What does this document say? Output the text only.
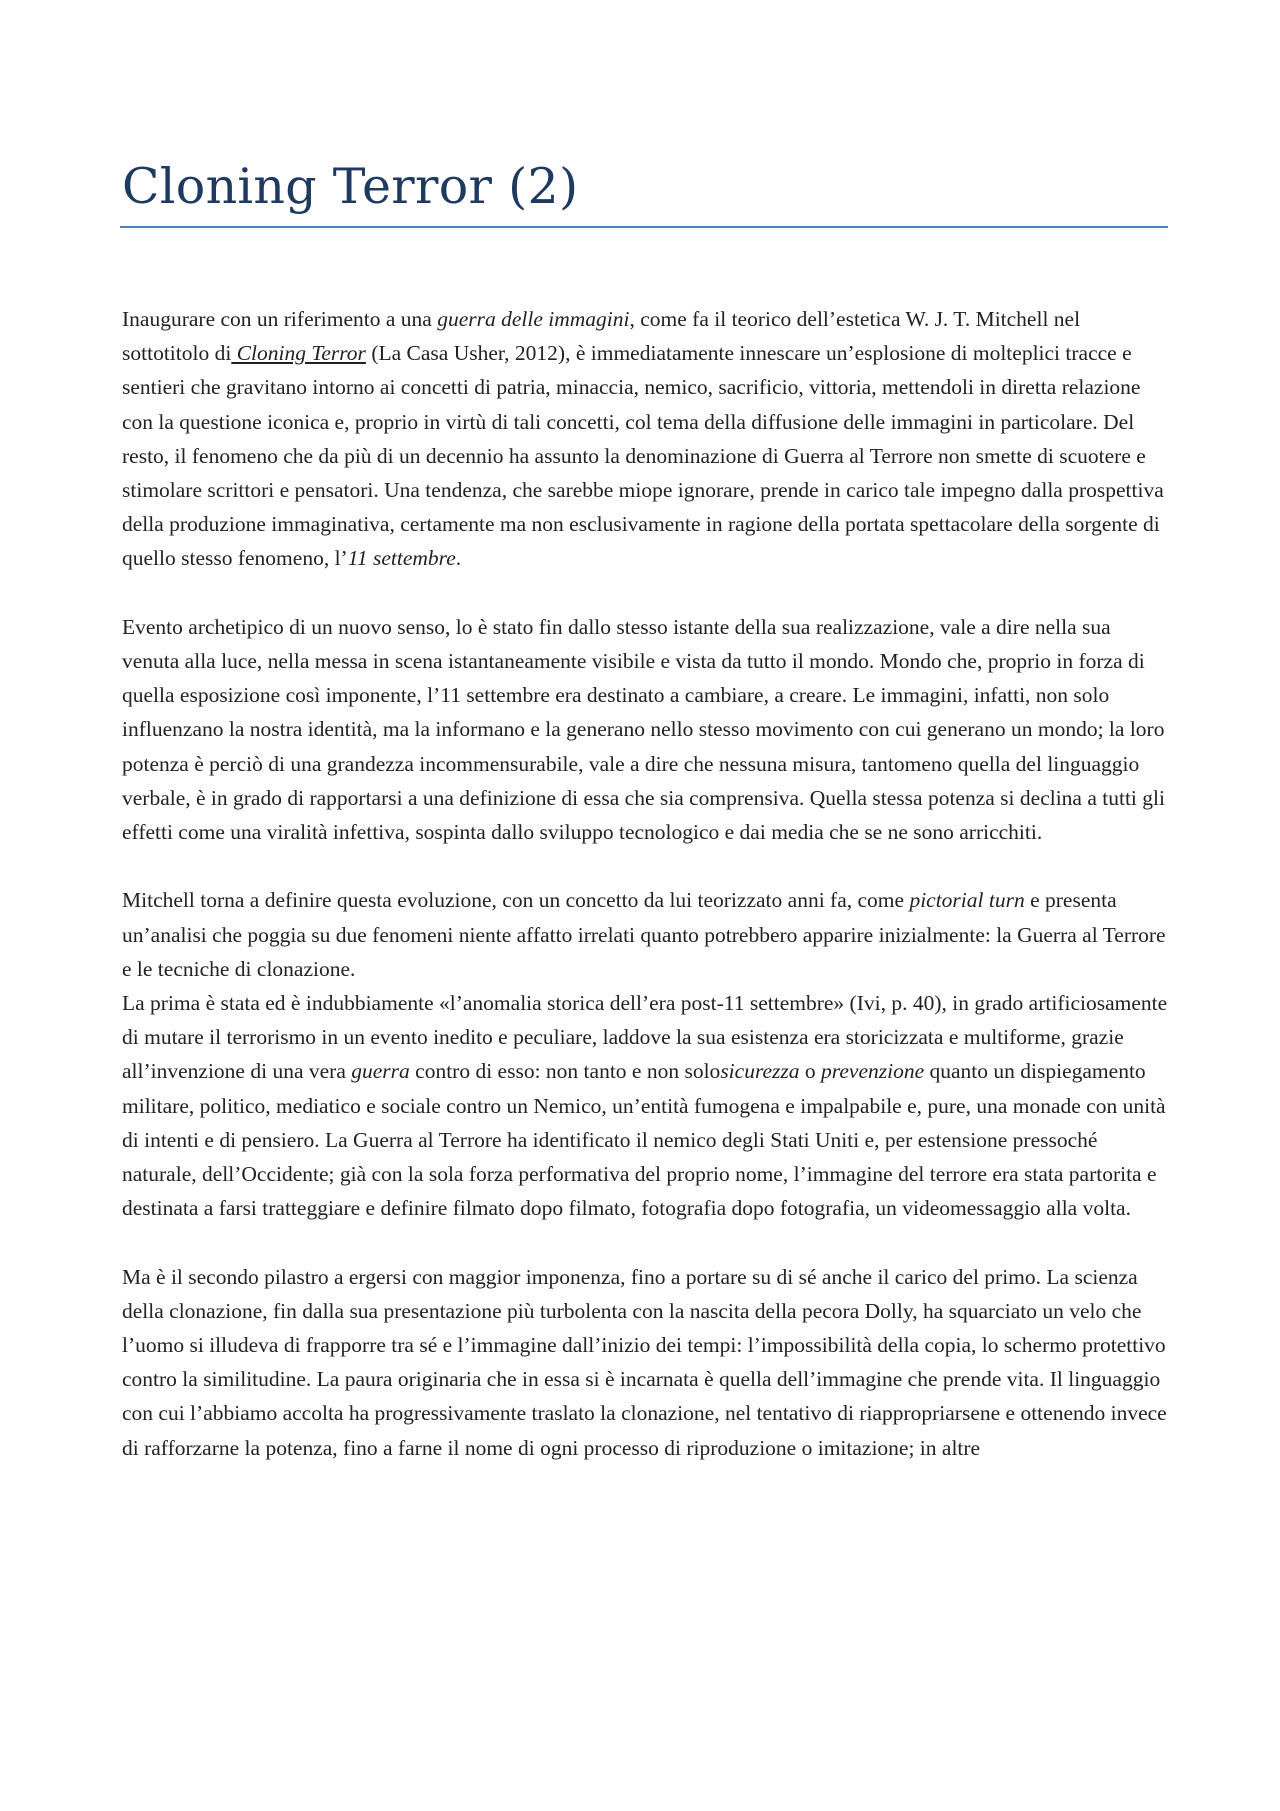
Cloning Terror (2)

Inaugurare con un riferimento a una guerra delle immagini, come fa il teorico dell’estetica W. J. T. Mitchell nel sottotitolo di Cloning Terror (La Casa Usher, 2012), è immediatamente innescare un’esplosione di molteplici tracce e sentieri che gravitano intorno ai concetti di patria, minaccia, nemico, sacrificio, vittoria, mettendoli in diretta relazione con la questione iconica e, proprio in virtù di tali concetti, col tema della diffusione delle immagini in particolare. Del resto, il fenomeno che da più di un decennio ha assunto la denominazione di Guerra al Terrore non smette di scuotere e stimolare scrittori e pensatori. Una tendenza, che sarebbe miope ignorare, prende in carico tale impegno dalla prospettiva della produzione immaginativa, certamente ma non esclusivamente in ragione della portata spettacolare della sorgente di quello stesso fenomeno, l’11 settembre.

Evento archetipico di un nuovo senso, lo è stato fin dallo stesso istante della sua realizzazione, vale a dire nella sua venuta alla luce, nella messa in scena istantaneamente visibile e vista da tutto il mondo. Mondo che, proprio in forza di quella esposizione così imponente, l’11 settembre era destinato a cambiare, a creare. Le immagini, infatti, non solo influenzano la nostra identità, ma la informano e la generano nello stesso movimento con cui generano un mondo; la loro potenza è perciò di una grandezza incommensurabile, vale a dire che nessuna misura, tantomeno quella del linguaggio verbale, è in grado di rapportarsi a una definizione di essa che sia comprensiva. Quella stessa potenza si declina a tutti gli effetti come una viralità infettiva, sospinta dallo sviluppo tecnologico e dai media che se ne sono arricchiti.

Mitchell torna a definire questa evoluzione, con un concetto da lui teorizzato anni fa, come pictorial turn e presenta un’analisi che poggia su due fenomeni niente affatto irrelati quanto potrebbero apparire inizialmente: la Guerra al Terrore e le tecniche di clonazione.

La prima è stata ed è indubbiamente «l’anomalia storica dell’era post-11 settembre» (Ivi, p. 40), in grado artificiosamente di mutare il terrorismo in un evento inedito e peculiare, laddove la sua esistenza era storicizzata e multiforme, grazie all’invenzione di una vera guerra contro di esso: non tanto e non solosicurezza o prevenzione quanto un dispiegamento militare, politico, mediatico e sociale contro un Nemico, un’entità fumogena e impalpabile e, pure, una monade con unità di intenti e di pensiero. La Guerra al Terrore ha identificato il nemico degli Stati Uniti e, per estensione pressoché naturale, dell’Occidente; già con la sola forza performativa del proprio nome, l’immagine del terrore era stata partorita e destinata a farsi tratteggiare e definire filmato dopo filmato, fotografia dopo fotografia, un videomessaggio alla volta.

Ma è il secondo pilastro a ergersi con maggior imponenza, fino a portare su di sé anche il carico del primo. La scienza della clonazione, fin dalla sua presentazione più turbolenta con la nascita della pecora Dolly, ha squarciato un velo che l’uomo si illudeva di frapporre tra sé e l’immagine dall’inizio dei tempi: l’impossibilità della copia, lo schermo protettivo contro la similitudine. La paura originaria che in essa si è incarnata è quella dell’immagine che prende vita. Il linguaggio con cui l’abbiamo accolta ha progressivamente traslato la clonazione, nel tentativo di riappropriarsene e ottenendo invece di rafforzarne la potenza, fino a farne il nome di ogni processo di riproduzione o imitazione; in altre
